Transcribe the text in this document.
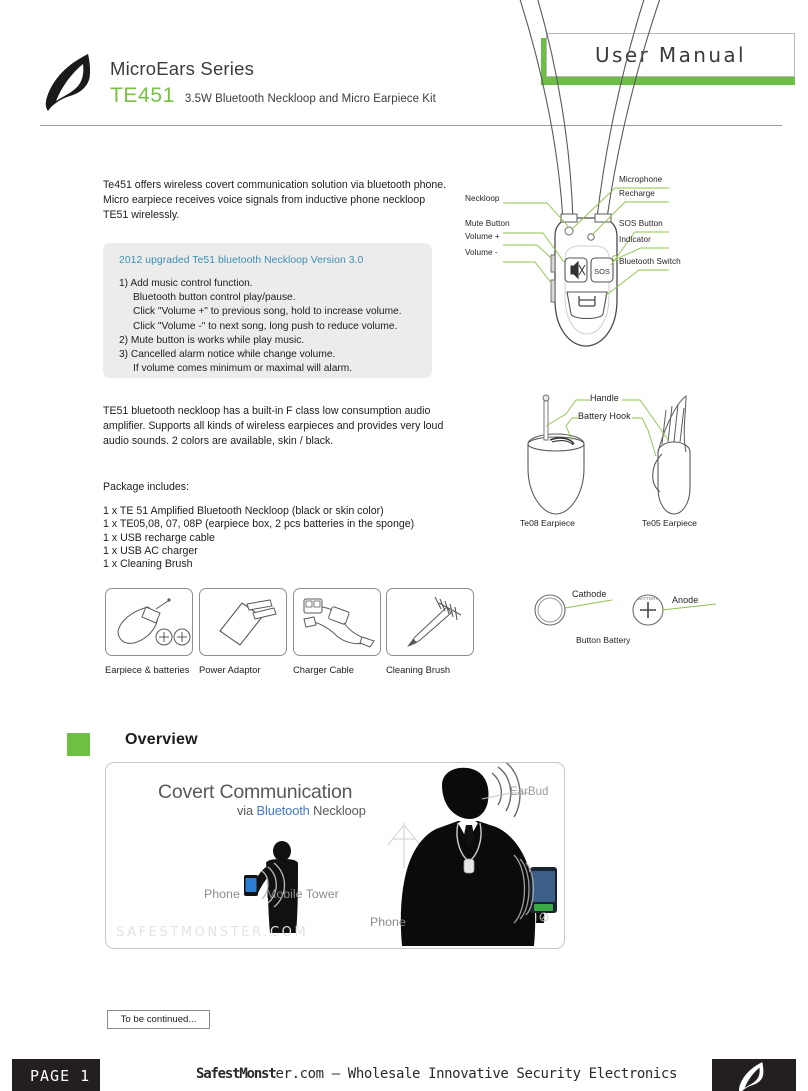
MicroEars Series
TE451 3.5W Bluetooth Neckloop and Micro Earpiece Kit
User Manual
SOS
Neckloop
Mute Button
Volume +
Volume -
Microphone
Recharge
SOS Button
Indicator
Bluetooth Switch

Te451 offers wireless covert communication solution via bluetooth phone. Micro earpiece receives voice signals from inductive phone neckloop TE51 wirelessly.

2012 upgraded Te51 bluetooth Neckloop Version 3.0
1) Add music control function.
Bluetooth button control play/pause.
Click "Volume +" to previous song, hold to increase volume.
Click "Volume -" to next song, long push to reduce volume.
2) Mute button is works while play music.
3) Cancelled alarm notice while change volume.
If volume comes minimum or maximal will alarm.

TE51 bluetooth neckloop has a built-in F class low consumption audio amplifier. Supports all kinds of wireless earpieces and provides very loud audio sounds. 2 colors are available, skin / black.

Package includes:
1 x TE 51 Amplified Bluetooth Neckloop (black or skin color)
1 x TE05,08, 07, 08P (earpiece box, 2 pcs batteries in the sponge)
1 x USB recharge cable
1 x USB AC charger
1 x Cleaning Brush
Handle
Battery Hook
Te08 Earpiece	Te05 Earpiece
BATTERY
Cathode
Anode
Button Battery
Earpiece & batteries	Power Adaptor	Charger Cable	Cleaning Brush
Overview
Covert Communication
via Bluetooth Neckloop
EarBud
Phone Mobile Tower
Phone
SAFESTMONSTER.COM
To be continued...
PAGE 1	SafestMonster.com — Wholesale Innovative Security Electronics
